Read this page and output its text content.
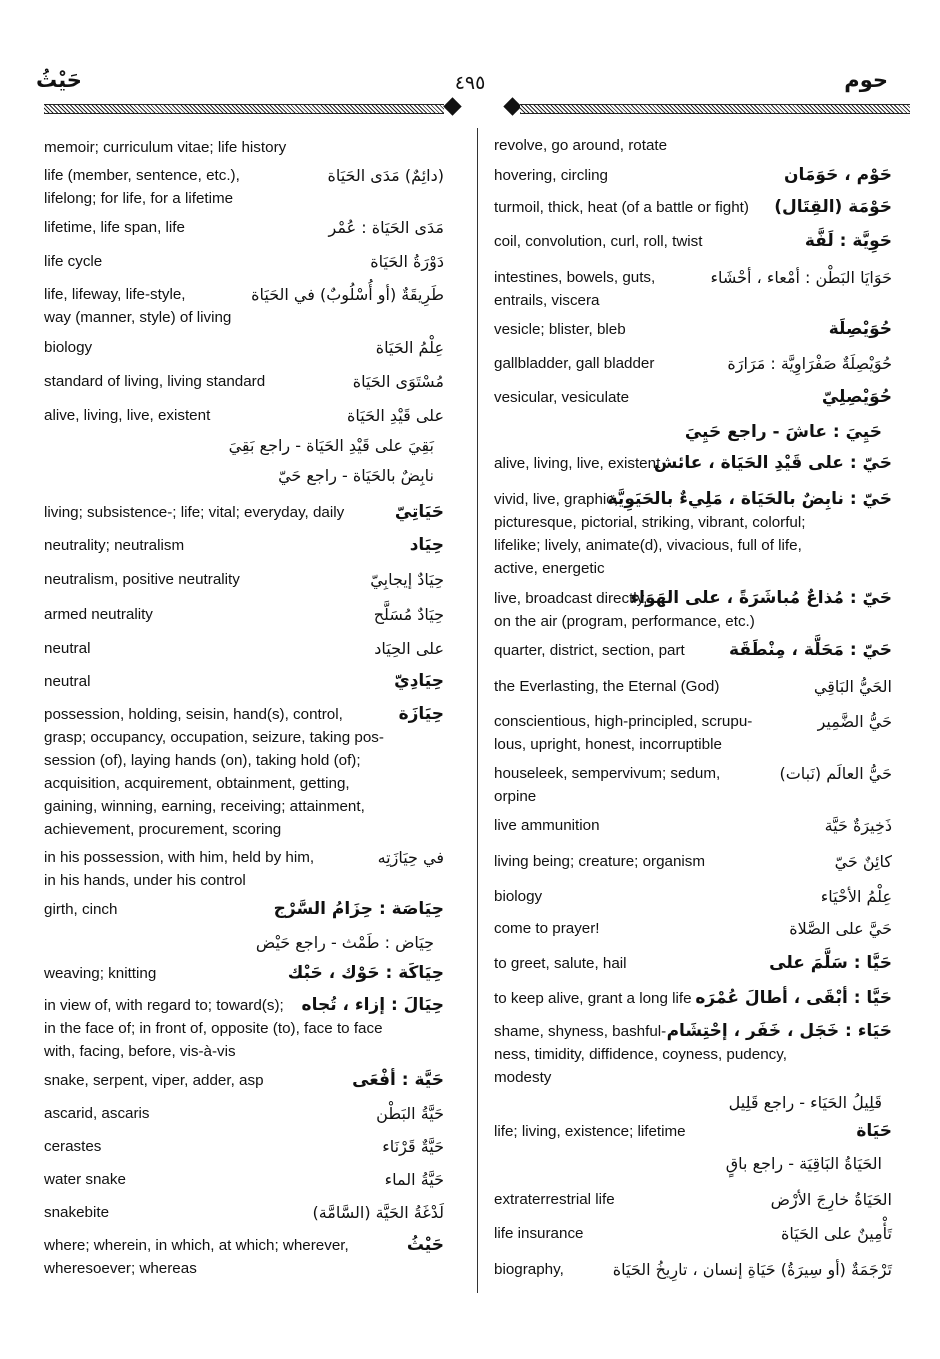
حَيْثُ	٤٩٥	حوم
memoir; curriculum vitae; life history
life (member, sentence, etc.),
lifelong; for life, for a lifetime
(دائِمٌ) مَدَى الحَيَاة
lifetime, life span, life	مَدَى الحَيَاة : عُمْر
life cycle	دَوْرَةُ الحَيَاة
life, lifeway, life-style,
way (manner, style) of living
طَرِيقَةٌ (أو أُسْلُوبٌ) في الحَيَاة
biology	عِلْمُ الحَيَاة
standard of living, living standard	مُسْتَوَى الحَيَاة
alive, living, live, existent	على قَيْدِ الحَيَاة
بَقِيَ على قَيْدِ الحَيَاة - راجع بَقِيَ
نابِضٌ بالحَيَاة - راجع حَيّ
living; subsistence-; life; vital; everyday, daily	حَيَاتِيّ
neutrality; neutralism	حِيَاد
neutralism, positive neutrality	حِيَادٌ إيجابِيّ
armed neutrality	حِيَادٌ مُسَلَّح
neutral	على الحِيَاد
neutral	حِيَادِيّ
possession, holding, seisin, hand(s), control,
grasp; occupancy, occupation, seizure, taking pos-
session (of), laying hands (on), taking hold (of);
acquisition, acquirement, obtainment, getting,
gaining, winning, earning, receiving; attainment,
achievement, procurement, scoring
حِيَازَة
in his possession, with him, held by him,
in his hands, under his control
في حِيَازَتِه
girth, cinch	حِيَاصَة : حِزَامُ السَّرْج
حِيَاض : طَمْث - راجع حَيْض
weaving; knitting	حِيَاكَة : حَوْك ، حَبْك
in view of, with regard to; toward(s);
in the face of; in front of, opposite (to), face to face
with, facing, before, vis-à-vis
حِيَالَ : إزاء ، تُجاه
snake, serpent, viper, adder, asp	حَيَّة : أفْعَى
ascarid, ascaris	حَيَّةُ البَطْن
cerastes	حَيَّةٌ قَرْنَاء
water snake	حَيَّةُ الماء
snakebite	لَدْغَةُ الحَيَّة (السَّامَّة)
where; wherein, in which, at which; wherever,
wheresoever; whereas
حَيْثُ
revolve, go around, rotate
hovering, circling	حَوْم ، حَوَمَان
turmoil, thick, heat (of a battle or fight)	حَوْمَة (القِتَال)
coil, convolution, curl, roll, twist	حَوِيَّة : لَفَّة
intestines, bowels, guts,
entrails, viscera
حَوَايَا البَطْن : أمْعاء ، أحْشَاء
vesicle; blister, bleb	حُوَيْصِلَة
gallbladder, gall bladder	حُوَيْصِلَةٌ صَفْرَاوِيَّة : مَرَارَة
vesicular, vesiculate	حُوَيْصِلِيّ
حَيِيَ : عاشَ - راجع حَيِيَ
alive, living, live, existent
حَيّ : على قَيْدِ الحَيَاة ، عائش
vivid, live, graphic,
picturesque, pictorial, striking, vibrant, colorful;
lifelike; lively, animate(d), vivacious, full of life,
active, energetic
حَيّ : نابِضٌ بالحَيَاة ، مَلِيءٌ بالحَيَوِيَّة
live, broadcast directly,
on the air (program, performance, etc.)
حَيّ : مُذاعٌ مُباشَرَةً ، على الهَوَاء
quarter, district, section, part	حَيّ : مَحَلَّة ، مِنْطَقَة
the Everlasting, the Eternal (God)	الحَيُّ البَاقِي
conscientious, high-principled, scrupu-
lous, upright, honest, incorruptible
حَيُّ الضَّمِير
houseleek, sempervivum; sedum,
orpine
حَيُّ العالَم (نَبات)
live ammunition	ذَخِيرَةٌ حَيَّة
living being; creature; organism	كائِنٌ حَيّ
biology	عِلْمُ الأحْيَاء
come to prayer!	حَيَّ على الصَّلاة
to greet, salute, hail	حَيَّا : سَلَّمَ على
to keep alive, grant a long life حَيَّا : أبْقَى ، أطالَ عُمْرَه
shame, shyness, bashful-
ness, timidity, diffidence, coyness, pudency,
modesty
حَيَاء : خَجَل ، خَفَر ، إحْتِشَام
قَلِيلُ الحَيَاء - راجع قَلِيل
life; living, existence; lifetime	حَيَاة
الحَيَاةُ البَاقِيَة - راجع باقٍ
extraterrestrial life	الحَيَاةُ خارِجَ الأرْض
life insurance	تَأْمِينٌ على الحَيَاة
biography,	تَرْجَمَةٌ (أو سِيرَةُ) حَيَاةِ إنسان ، تارِيخُ الحَيَاة
